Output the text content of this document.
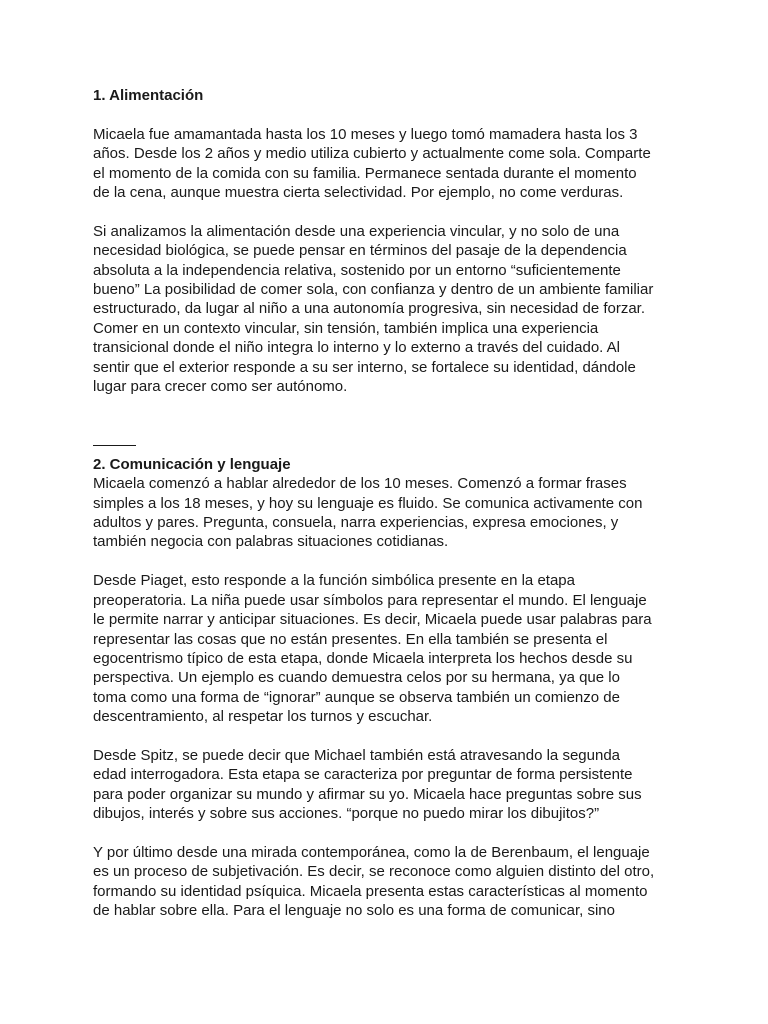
1. Alimentación

Micaela fue amamantada hasta los 10 meses y luego tomó mamadera hasta los 3
años. Desde los 2 años y medio utiliza cubierto y actualmente come sola. Comparte
el momento de la comida con su familia. Permanece sentada durante el momento
de la cena, aunque muestra cierta selectividad. Por ejemplo, no come verduras.

Si analizamos la alimentación desde una experiencia vincular, y no solo de una
necesidad biológica, se puede pensar en términos del pasaje de la dependencia
absoluta a la independencia relativa, sostenido por un entorno “suficientemente
bueno” La posibilidad de comer sola, con confianza y dentro de un ambiente familiar
estructurado, da lugar al niño a una autonomía progresiva, sin necesidad de forzar.
Comer en un contexto vincular, sin tensión, también implica una experiencia
transicional donde el niño integra lo interno y lo externo a través del cuidado. Al
sentir que el exterior responde a su ser interno, se fortalece su identidad, dándole
lugar para crecer como ser autónomo.

2. Comunicación y lenguaje

Micaela comenzó a hablar alrededor de los 10 meses. Comenzó a formar frases
simples a los 18 meses, y hoy su lenguaje es fluido. Se comunica activamente con
adultos y pares. Pregunta, consuela, narra experiencias, expresa emociones, y
también negocia con palabras situaciones cotidianas.

Desde Piaget, esto responde a la función simbólica presente en la etapa
preoperatoria. La niña puede usar símbolos para representar el mundo. El lenguaje
le permite narrar y anticipar situaciones. Es decir, Micaela puede usar palabras para
representar las cosas que no están presentes. En ella también se presenta el
egocentrismo típico de esta etapa, donde Micaela interpreta los hechos desde su
perspectiva. Un ejemplo es cuando demuestra celos por su hermana, ya que lo
toma como una forma de “ignorar” aunque se observa también un comienzo de
descentramiento, al respetar los turnos y escuchar.

Desde Spitz, se puede decir que Michael también está atravesando la segunda
edad interrogadora. Esta etapa se caracteriza por preguntar de forma persistente
para poder organizar su mundo y afirmar su yo. Micaela hace preguntas sobre sus
dibujos, interés y sobre sus acciones. “porque no puedo mirar los dibujitos?”

Y por último desde una mirada contemporánea, como la de Berenbaum, el lenguaje
es un proceso de subjetivación. Es decir, se reconoce como alguien distinto del otro,
formando su identidad psíquica. Micaela presenta estas características al momento
de hablar sobre ella. Para el lenguaje no solo es una forma de comunicar, sino
